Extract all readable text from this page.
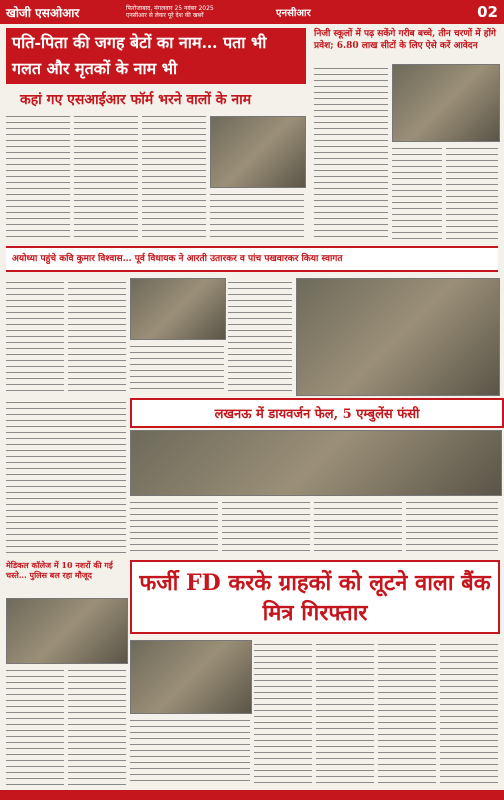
खोजी एसओआर	फिरोजाबाद, मंगलवार 25 नवंबर 2025
एनसीआर से लेकर पूरे देश की खबरें	एनसीआर	02
पति-पिता की जगह बेटों का नाम… पता भी गलत और मृतकों के नाम भी
कहां गए एसआईआर फॉर्म भरने वालों के नाम
निजी स्कूलों में पढ़ सकेंगे गरीब बच्चे, तीन चरणों में होंगे प्रवेश; 6.80 लाख सीटों के लिए ऐसे करें आवेदन
अयोध्या पहुंचे कवि कुमार विश्वास… पूर्व विधायक ने आरती उतारकर व पांच पखवारकर किया स्वागत
लखनऊ में डायवर्जन फेल, 5 एम्बुलेंस फंसी
मेडिकल कॉलेज में 10 नशरों की गई चस्ते… पुलिस बल रहा मौजूद	फर्जी FD करके ग्राहकों को लूटने वाला बैंक मित्र गिरफ्तार
